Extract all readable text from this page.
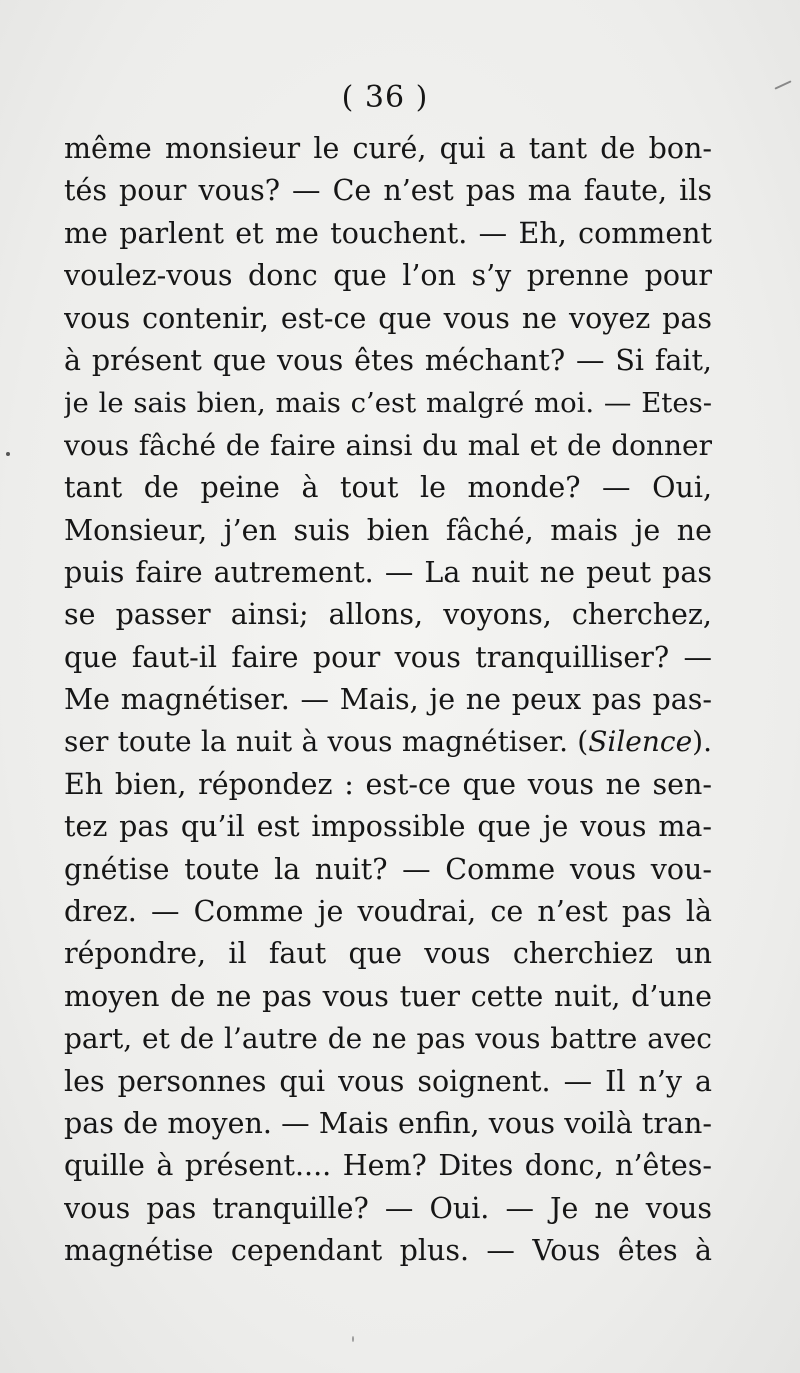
( 36 )
même monsieur le curé, qui a tant de bon-
tés pour vous? — Ce n’est pas ma faute, ils
me parlent et me touchent. — Eh, comment
voulez-vous donc que l’on s’y prenne pour
vous contenir, est-ce que vous ne voyez pas
à présent que vous êtes méchant? — Si fait,
je le sais bien, mais c’est malgré moi. — Etes-
vous fâché de faire ainsi du mal et de donner
tant de peine à tout le monde? — Oui,
Monsieur, j’en suis bien fâché, mais je ne
puis faire autrement. — La nuit ne peut pas
se passer ainsi; allons, voyons, cherchez,
que faut-il faire pour vous tranquilliser? —
Me magnétiser. — Mais, je ne peux pas pas-
ser toute la nuit à vous magnétiser. (Silence).
Eh bien, répondez : est-ce que vous ne sen-
tez pas qu’il est impossible que je vous ma-
gnétise toute la nuit? — Comme vous vou-
drez. — Comme je voudrai, ce n’est pas là
répondre, il faut que vous cherchiez un
moyen de ne pas vous tuer cette nuit, d’une
part, et de l’autre de ne pas vous battre avec
les personnes qui vous soignent. — Il n’y a
pas de moyen. — Mais enfin, vous voilà tran-
quille à présent.... Hem? Dites donc, n’êtes-
vous pas tranquille? — Oui. — Je ne vous
magnétise cependant plus. — Vous êtes à
